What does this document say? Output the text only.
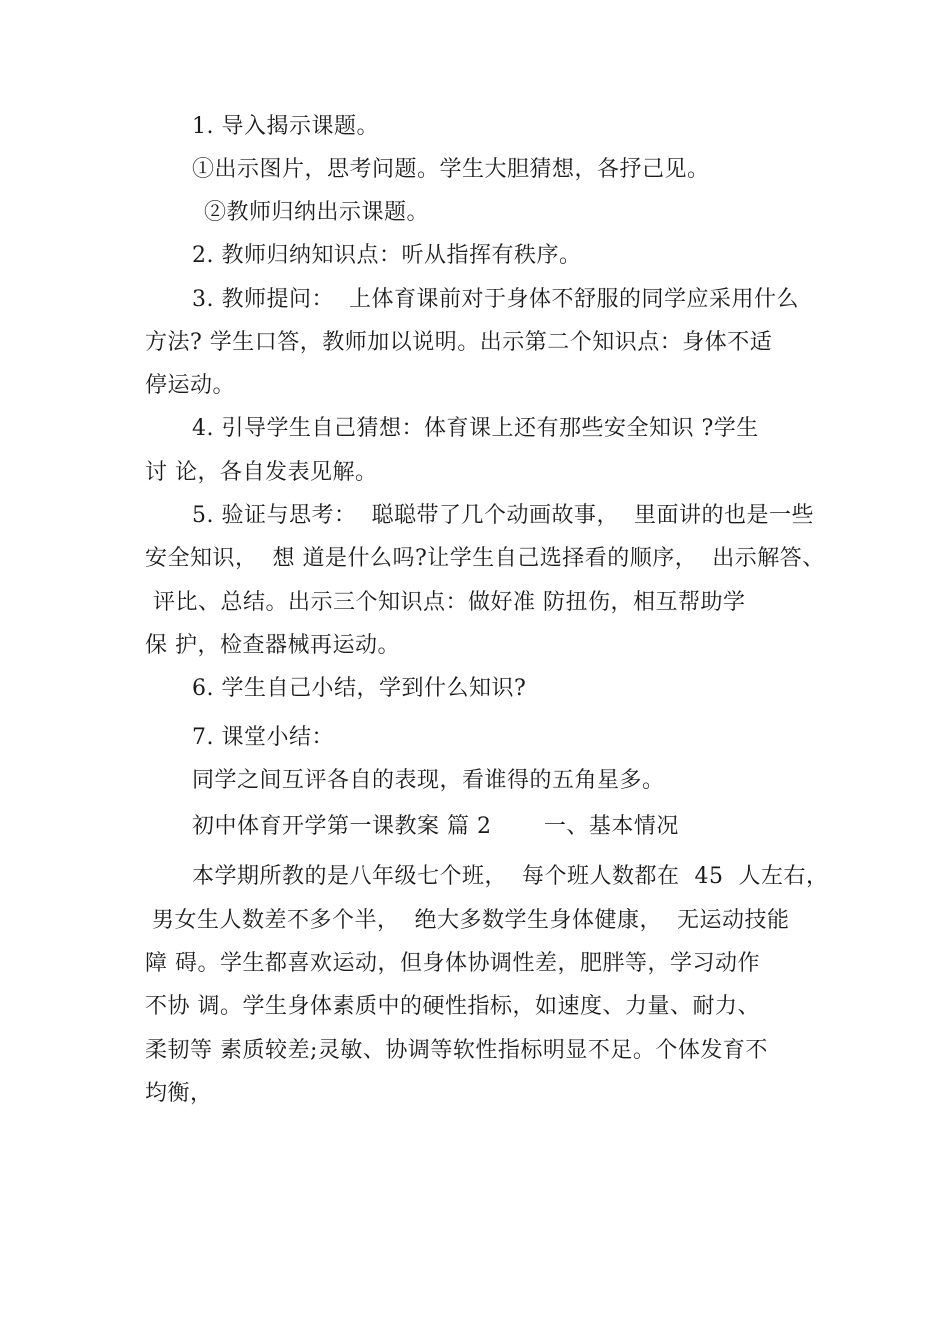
1. 导入揭示课题。
①出示图片，思考问题。学生大胆猜想，各抒己见。
②教师归纳出示课题。
2. 教师归纳知识点：听从指挥有秩序。
3. 教师提问：  上体育课前对于身体不舒服的同学应采用什么
方法? 学生口答，教师加以说明。出示第二个知识点：身体不适
停运动。
4. 引导学生自己猜想：体育课上还有那些安全知识 ?学生
讨 论，各自发表见解。
5. 验证与思考：  聪聪带了几个动画故事，  里面讲的也是一些
安全知识，  想 道是什么吗?让学生自己选择看的顺序，  出示解答、
评比、总结。出示三个知识点：做好准 防扭伤，相互帮助学
保 护，检查器械再运动。
6. 学生自己小结，学到什么知识?
7. 课堂小结：
同学之间互评各自的表现，看谁得的五角星多。
初中体育开学第一课教案 篇 2       一、基本情况
本学期所教的是八年级七个班，  每个班人数都在  45  人左右，
男女生人数差不多个半，  绝大多数学生身体健康，  无运动技能
障 碍。学生都喜欢运动，但身体协调性差，肥胖等，学习动作
不协 调。学生身体素质中的硬性指标，如速度、力量、耐力、
柔韧等 素质较差;灵敏、协调等软性指标明显不足。个体发育不
均衡，
